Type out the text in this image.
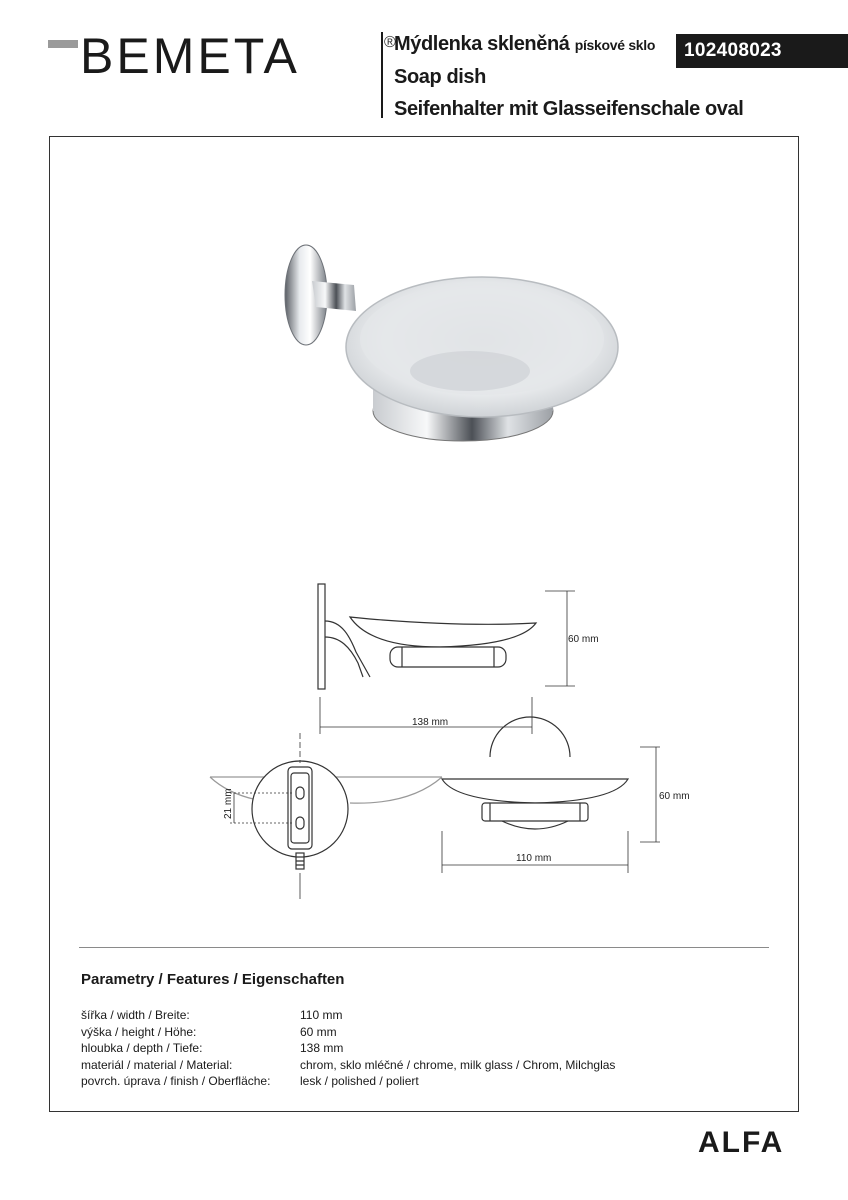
BEMETA	®
Mýdlenka skleněná pískové sklo
Soap dish
Seifenhalter mit Glasseifenschale oval
102408023
60 mm
138 mm
21 mm	60 mm
110 mm
Parametry / Features / Eigenschaften
šířka / width / Breite:	110 mm
výška / height / Höhe:	60 mm
hloubka / depth / Tiefe:	138 mm
materiál / material / Material:	chrom, sklo mléčné / chrome, milk glass / Chrom, Milchglas
povrch. úprava / finish / Oberfläche:	lesk / polished / poliert
ALFA
